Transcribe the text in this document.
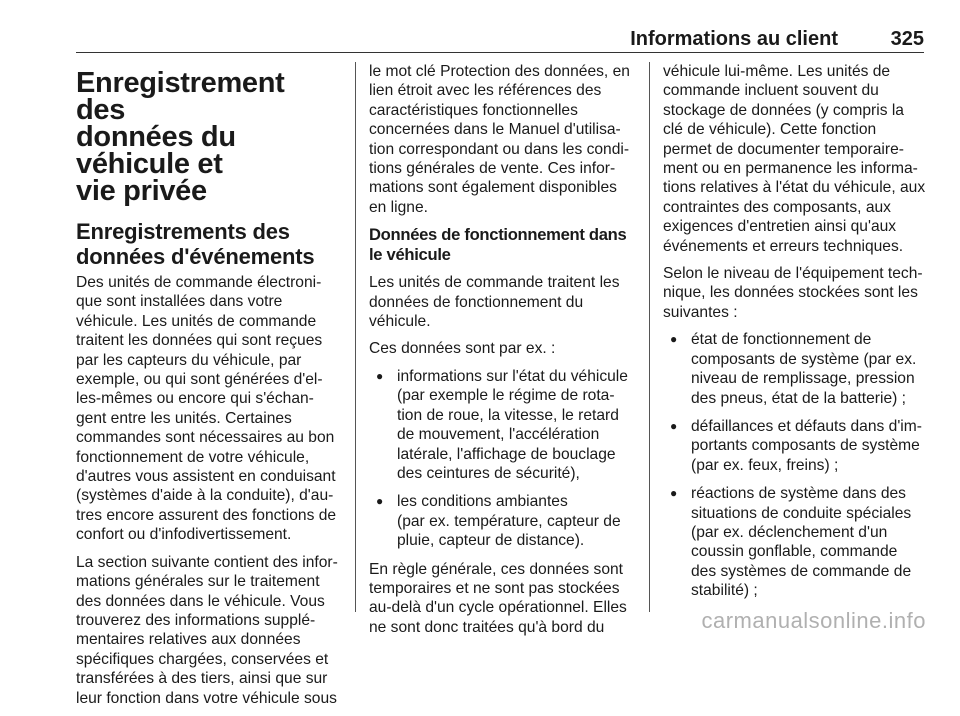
Informations au client	325
Enregistrement des
données du véhicule et
vie privée
Enregistrements des
données d'événements
Des unités de commande électroni-
que sont installées dans votre
véhicule. Les unités de commande
traitent les données qui sont reçues
par les capteurs du véhicule, par
exemple, ou qui sont générées d'el-
les-mêmes ou encore qui s'échan-
gent entre les unités. Certaines
commandes sont nécessaires au bon
fonctionnement de votre véhicule,
d'autres vous assistent en conduisant
(systèmes d'aide à la conduite), d'au-
tres encore assurent des fonctions de
confort ou d'infodivertissement.
La section suivante contient des infor-
mations générales sur le traitement
des données dans le véhicule. Vous
trouverez des informations supplé-
mentaires relatives aux données
spécifiques chargées, conservées et
transférées à des tiers, ainsi que sur
leur fonction dans votre véhicule sous
le mot clé Protection des données, en
lien étroit avec les références des
caractéristiques fonctionnelles
concernées dans le Manuel d'utilisa-
tion correspondant ou dans les condi-
tions générales de vente. Ces infor-
mations sont également disponibles
en ligne.
Données de fonctionnement dans
le véhicule
Les unités de commande traitent les
données de fonctionnement du
véhicule.
Ces données sont par ex. :
● informations sur l'état du véhicule
(par exemple le régime de rota-
tion de roue, la vitesse, le retard
de mouvement, l'accélération
latérale, l'affichage de bouclage
des ceintures de sécurité),
● les conditions ambiantes
(par ex. température, capteur de
pluie, capteur de distance).
En règle générale, ces données sont
temporaires et ne sont pas stockées
au-delà d'un cycle opérationnel. Elles
ne sont donc traitées qu'à bord du
véhicule lui-même. Les unités de
commande incluent souvent du
stockage de données (y compris la
clé de véhicule). Cette fonction
permet de documenter temporaire-
ment ou en permanence les informa-
tions relatives à l'état du véhicule, aux
contraintes des composants, aux
exigences d'entretien ainsi qu'aux
événements et erreurs techniques.
Selon le niveau de l'équipement tech-
nique, les données stockées sont les
suivantes :
● état de fonctionnement de
composants de système (par ex.
niveau de remplissage, pression
des pneus, état de la batterie) ;
● défaillances et défauts dans d'im-
portants composants de système
(par ex. feux, freins) ;
● réactions de système dans des
situations de conduite spéciales
(par ex. déclenchement d'un
coussin gonflable, commande
des systèmes de commande de
stabilité) ;
carmanualsonline.info
